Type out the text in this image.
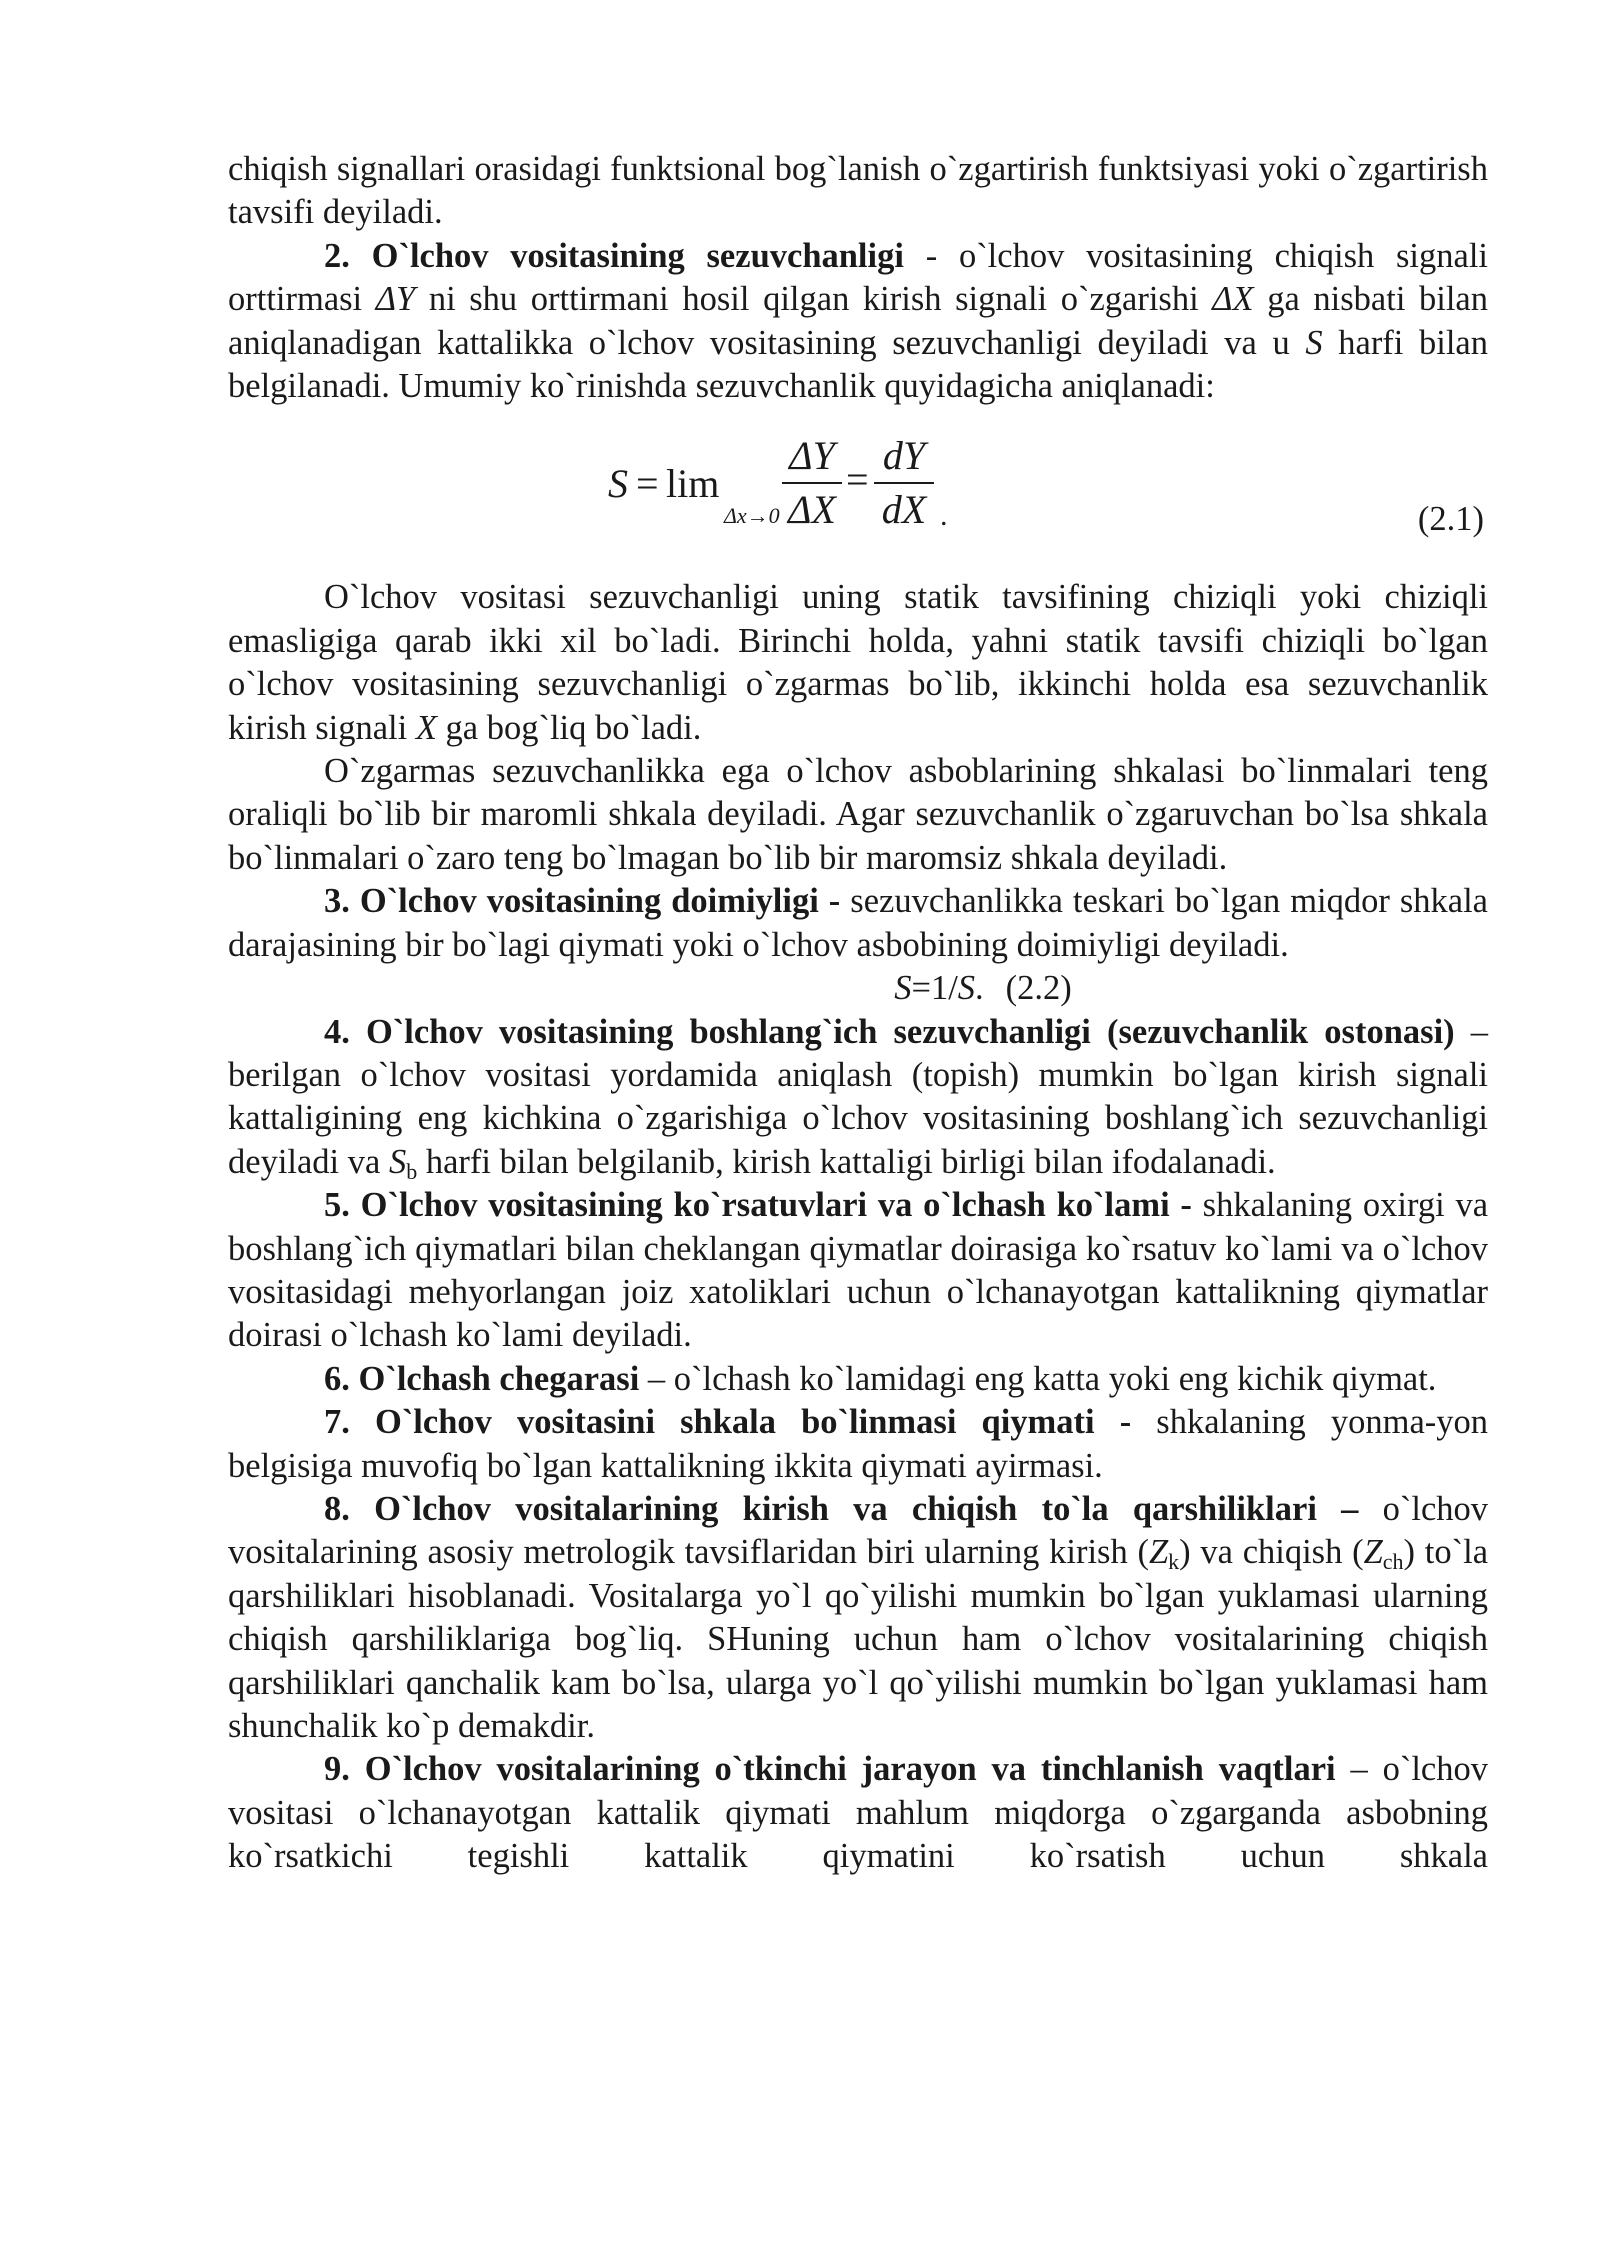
chiqish signallari orasidagi funktsional bog`lanish o`zgartirish funktsiyasi yoki o`zgartirish tavsifi deyiladi.

2. O`lchov vositasining sezuvchanligi - o`lchov vositasining chiqish signali orttirmasi ΔY ni shu orttirmani hosil qilgan kirish signali o`zgarishi ΔX ga nisbati bilan aniqlanadigan kattalikka o`lchov vositasining sezuvchanligi deyiladi va u S harfi bilan belgilanadi. Umumiy ko`rinishda sezuvchanlik quyidagicha aniqlanadi:

S = lim
Δx→0
ΔY
ΔX
=
dY
dX .	(2.1)

O`lchov vositasi sezuvchanligi uning statik tavsifining chiziqli yoki chiziqli emasligiga qarab ikki xil bo`ladi. Birinchi holda, yahni statik tavsifi chiziqli bo`lgan o`lchov vositasining sezuvchanligi o`zgarmas bo`lib, ikkinchi holda esa sezuvchanlik kirish signali X ga bog`liq bo`ladi.

O`zgarmas sezuvchanlikka ega o`lchov asboblarining shkalasi bo`linmalari teng oraliqli bo`lib bir maromli shkala deyiladi. Agar sezuvchanlik o`zgaruvchan bo`lsa shkala bo`linmalari o`zaro teng bo`lmagan bo`lib bir maromsiz shkala deyiladi.

3. O`lchov vositasining doimiyligi - sezuvchanlikka teskari bo`lgan miqdor shkala darajasining bir bo`lagi qiymati yoki o`lchov asbobining doimiyligi deyiladi.

S=1/S. (2.2)

4. O`lchov vositasining boshlang`ich sezuvchanligi (sezuvchanlik ostonasi) – berilgan o`lchov vositasi yordamida aniqlash (topish) mumkin bo`lgan kirish signali kattaligining eng kichkina o`zgarishiga o`lchov vositasining boshlang`ich sezuvchanligi deyiladi va $S_b$ harfi bilan belgilanib, kirish kattaligi birligi bilan ifodalanadi.

5. O`lchov vositasining ko`rsatuvlari va o`lchash ko`lami - shkalaning oxirgi va boshlang`ich qiymatlari bilan cheklangan qiymatlar doirasiga ko`rsatuv ko`lami va o`lchov vositasidagi mehyorlangan joiz xatoliklari uchun o`lchanayotgan kattalikning qiymatlar doirasi o`lchash ko`lami deyiladi.

6. O`lchash chegarasi – o`lchash ko`lamidagi eng katta yoki eng kichik qiymat.

7. O`lchov vositasini shkala bo`linmasi qiymati - shkalaning yonma-yon belgisiga muvofiq bo`lgan kattalikning ikkita qiymati ayirmasi.

8. O`lchov vositalarining kirish va chiqish to`la qarshiliklari – o`lchov vositalarining asosiy metrologik tavsiflaridan biri ularning kirish $(Z_k)$ va chiqish $(Z_{ch})$ to`la qarshiliklari hisoblanadi. Vositalarga yo`l qo`yilishi mumkin bo`lgan yuklamasi ularning chiqish qarshiliklariga bog`liq. SHuning uchun ham o`lchov vositalarining chiqish qarshiliklari qanchalik kam bo`lsa, ularga yo`l qo`yilishi mumkin bo`lgan yuklamasi ham shunchalik ko`p demakdir.

9. O`lchov vositalarining o`tkinchi jarayon va tinchlanish vaqtlari – o`lchov vositasi o`lchanayotgan kattalik qiymati mahlum miqdorga o`zgarganda asbobning ko`rsatkichi tegishli kattalik qiymatini ko`rsatish uchun shkala
